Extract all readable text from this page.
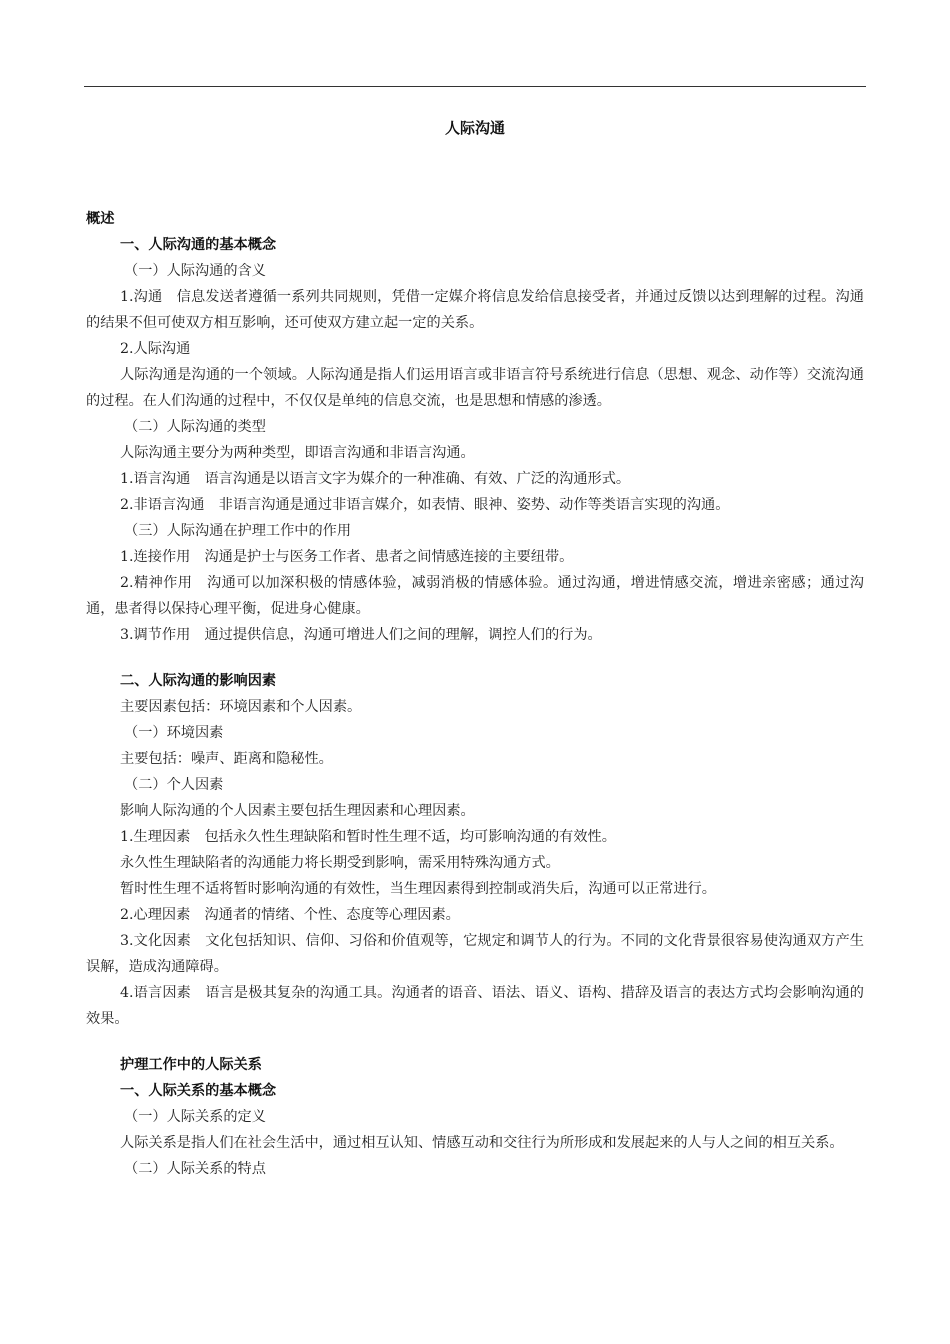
人际沟通

概述

一、人际沟通的基本概念

（一）人际沟通的含义

1.沟通　信息发送者遵循一系列共同规则，凭借一定媒介将信息发给信息接受者，并通过反馈以达到理解的过程。沟通的结果不但可使双方相互影响，还可使双方建立起一定的关系。

2.人际沟通

人际沟通是沟通的一个领域。人际沟通是指人们运用语言或非语言符号系统进行信息（思想、观念、动作等）交流沟通的过程。在人们沟通的过程中，不仅仅是单纯的信息交流，也是思想和情感的渗透。

（二）人际沟通的类型

人际沟通主要分为两种类型，即语言沟通和非语言沟通。

1.语言沟通　语言沟通是以语言文字为媒介的一种准确、有效、广泛的沟通形式。

2.非语言沟通　非语言沟通是通过非语言媒介，如表情、眼神、姿势、动作等类语言实现的沟通。

（三）人际沟通在护理工作中的作用

1.连接作用　沟通是护士与医务工作者、患者之间情感连接的主要纽带。

2.精神作用　沟通可以加深积极的情感体验，减弱消极的情感体验。通过沟通，增进情感交流，增进亲密感；通过沟通，患者得以保持心理平衡，促进身心健康。

3.调节作用　通过提供信息，沟通可增进人们之间的理解，调控人们的行为。

二、人际沟通的影响因素

主要因素包括：环境因素和个人因素。

（一）环境因素

主要包括：噪声、距离和隐秘性。

（二）个人因素

影响人际沟通的个人因素主要包括生理因素和心理因素。

1.生理因素　包括永久性生理缺陷和暂时性生理不适，均可影响沟通的有效性。

永久性生理缺陷者的沟通能力将长期受到影响，需采用特殊沟通方式。

暂时性生理不适将暂时影响沟通的有效性，当生理因素得到控制或消失后，沟通可以正常进行。

2.心理因素　沟通者的情绪、个性、态度等心理因素。

3.文化因素　文化包括知识、信仰、习俗和价值观等，它规定和调节人的行为。不同的文化背景很容易使沟通双方产生误解，造成沟通障碍。

4.语言因素　语言是极其复杂的沟通工具。沟通者的语音、语法、语义、语构、措辞及语言的表达方式均会影响沟通的效果。

护理工作中的人际关系

一、人际关系的基本概念

（一）人际关系的定义

人际关系是指人们在社会生活中，通过相互认知、情感互动和交往行为所形成和发展起来的人与人之间的相互关系。

（二）人际关系的特点
